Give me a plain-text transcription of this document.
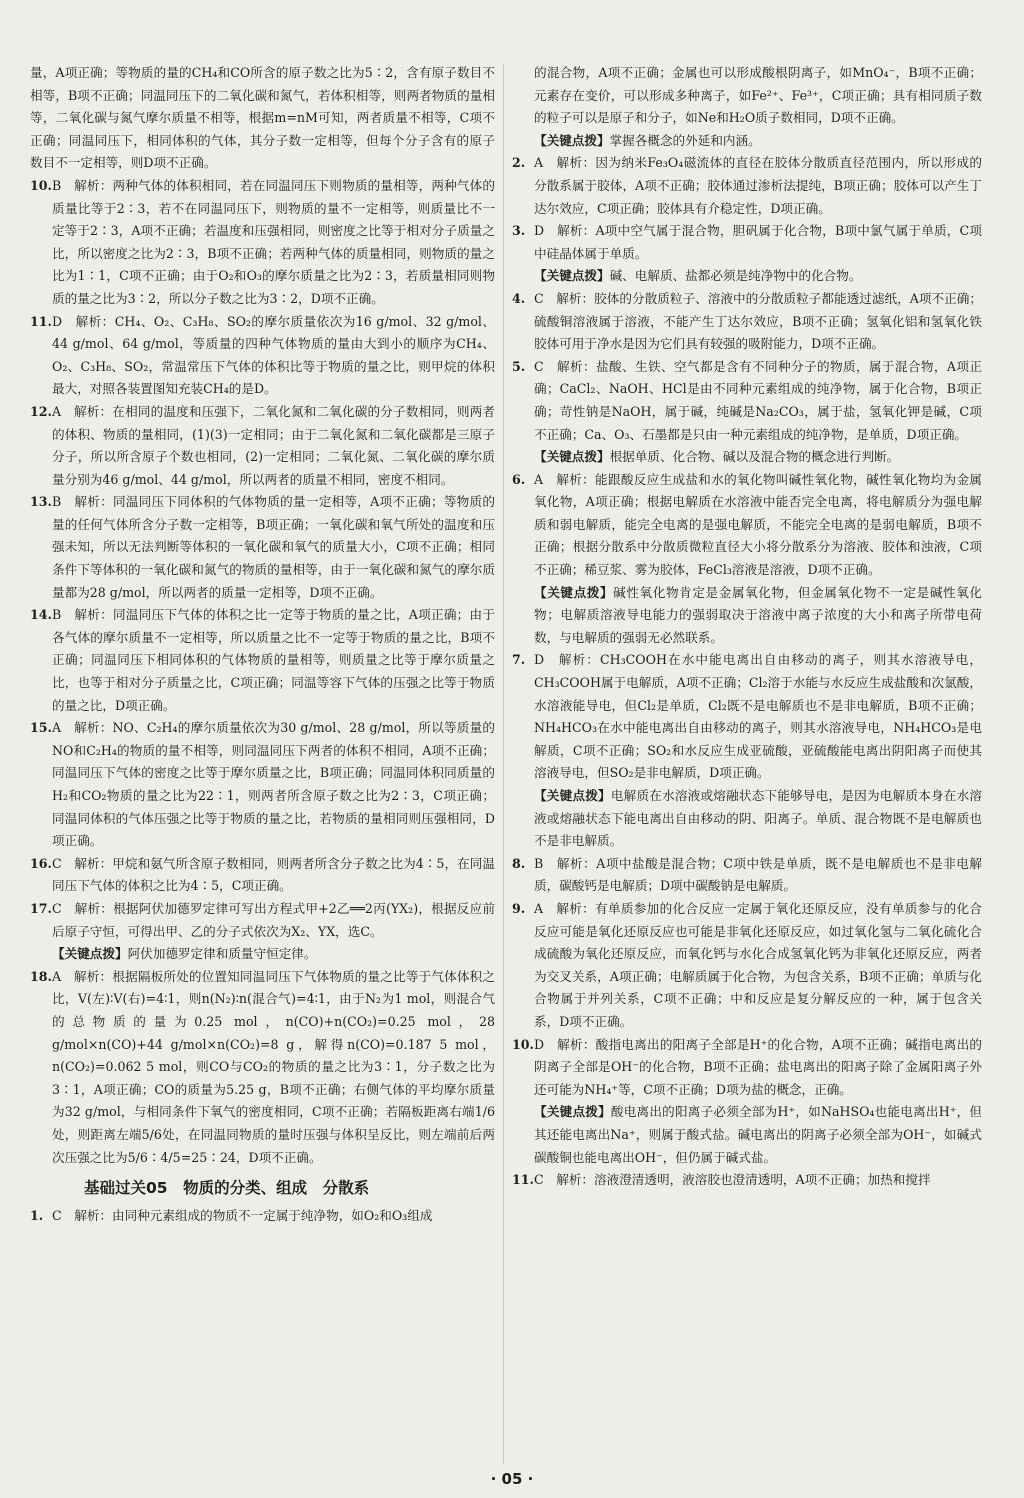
量，A项正确；等物质的量的CH₄和CO所含的原子数之比为5∶2，含有原子数目不相等，B项不正确；同温同压下的二氧化碳和氮气，若体积相等，则两者物质的量相等，二氧化碳与氮气摩尔质量不相等，根据m=nM可知，两者质量不相等，C项不正确；同温同压下，相同体积的气体，其分子数一定相等，但每个分子含有的原子数目不一定相等，则D项不正确。

10. B　解析：两种气体的体积相同，若在同温同压下则物质的量相等，两种气体的质量比等于2∶3，若不在同温同压下，则物质的量不一定相等，则质量比不一定等于2∶3，A项不正确；若温度和压强相同，则密度之比等于相对分子质量之比，所以密度之比为2∶3，B项不正确；若两种气体的质量相同，则物质的量之比为1∶1，C项不正确；由于O₂和O₃的摩尔质量之比为2∶3，若质量相同则物质的量之比为3∶2，所以分子数之比为3∶2，D项不正确。

11. D　解析：CH₄、O₂、C₃H₈、SO₂的摩尔质量依次为16 g/mol、32 g/mol、44 g/mol、64 g/mol，等质量的四种气体物质的量由大到小的顺序为CH₄、O₂、C₃H₈、SO₂，常温常压下气体的体积比等于物质的量之比，则甲烷的体积最大，对照各装置图知充装CH₄的是D。

12. A　解析：在相同的温度和压强下，二氧化氮和二氧化碳的分子数相同，则两者的体积、物质的量相同，(1)(3)一定相同；由于二氧化氮和二氧化碳都是三原子分子，所以所含原子个数也相同，(2)一定相同；二氧化氮、二氧化碳的摩尔质量分别为46 g/mol、44 g/mol，所以两者的质量不相同，密度不相同。

13. B　解析：同温同压下同体积的气体物质的量一定相等，A项不正确；等物质的量的任何气体所含分子数一定相等，B项正确；一氧化碳和氧气所处的温度和压强未知，所以无法判断等体积的一氧化碳和氧气的质量大小，C项不正确；相同条件下等体积的一氧化碳和氮气的物质的量相等，由于一氧化碳和氮气的摩尔质量都为28 g/mol，所以两者的质量一定相等，D项不正确。

14. B　解析：同温同压下气体的体积之比一定等于物质的量之比，A项正确；由于各气体的摩尔质量不一定相等，所以质量之比不一定等于物质的量之比，B项不正确；同温同压下相同体积的气体物质的量相等，则质量之比等于摩尔质量之比，也等于相对分子质量之比，C项正确；同温等容下气体的压强之比等于物质的量之比，D项正确。

15. A　解析：NO、C₂H₄的摩尔质量依次为30 g/mol、28 g/mol，所以等质量的NO和C₂H₄的物质的量不相等，则同温同压下两者的体积不相同，A项不正确；同温同压下气体的密度之比等于摩尔质量之比，B项正确；同温同体积同质量的H₂和CO₂物质的量之比为22∶1，则两者所含原子数之比为2∶3，C项正确；同温同体积的气体压强之比等于物质的量之比，若物质的量相同则压强相同，D项正确。

16. C　解析：甲烷和氨气所含原子数相同，则两者所含分子数之比为4∶5，在同温同压下气体的体积之比为4∶5，C项正确。

17. C　解析：根据阿伏加德罗定律可写出方程式甲+2乙══2丙(YX₂)，根据反应前后原子守恒，可得出甲、乙的分子式依次为X₂、YX，选C。

【关键点拨】阿伏加德罗定律和质量守恒定律。

18. A　解析：根据隔板所处的位置知同温同压下气体物质的量之比等于气体体积之比，V(左)∶V(右)=4∶1，则n(N₂)∶n(混合气)=4∶1，由于N₂为1 mol，则混合气的总物质的量为0.25 mol，n(CO)+n(CO₂)=0.25 mol，28 g/mol×n(CO)+44 g/mol×n(CO₂)=8 g，解得n(CO)=0.187 5 mol，n(CO₂)=0.062 5 mol，则CO与CO₂的物质的量之比为3∶1，分子数之比为3∶1，A项正确；CO的质量为5.25 g，B项不正确；右侧气体的平均摩尔质量为32 g/mol，与相同条件下氧气的密度相同，C项不正确；若隔板距离右端1/6处，则距离左端5/6处，在同温同物质的量时压强与体积呈反比，则左端前后两次压强之比为5/6∶4/5=25∶24，D项不正确。

基础过关05　物质的分类、组成　分散系

1. C　解析：由同种元素组成的物质不一定属于纯净物，如O₂和O₃组成

的混合物，A项不正确；金属也可以形成酸根阴离子，如MnO₄⁻，B项不正确；元素存在变价，可以形成多种离子，如Fe²⁺、Fe³⁺，C项正确；具有相同质子数的粒子可以是原子和分子，如Ne和H₂O质子数相同，D项不正确。

【关键点拨】掌握各概念的外延和内涵。

2. A　解析：因为纳米Fe₃O₄磁流体的直径在胶体分散质直径范围内，所以形成的分散系属于胶体，A项不正确；胶体通过渗析法提纯，B项正确；胶体可以产生丁达尔效应，C项正确；胶体具有介稳定性，D项正确。

3. D　解析：A项中空气属于混合物，胆矾属于化合物，B项中氯气属于单质，C项中硅晶体属于单质。

【关键点拨】碱、电解质、盐都必须是纯净物中的化合物。

4. C　解析：胶体的分散质粒子、溶液中的分散质粒子都能透过滤纸，A项不正确；硫酸铜溶液属于溶液，不能产生丁达尔效应，B项不正确；氢氧化铝和氢氧化铁胶体可用于净水是因为它们具有较强的吸附能力，D项不正确。

5. C　解析：盐酸、生铁、空气都是含有不同种分子的物质，属于混合物，A项正确；CaCl₂、NaOH、HCl是由不同种元素组成的纯净物，属于化合物，B项正确；苛性钠是NaOH，属于碱，纯碱是Na₂CO₃，属于盐，氢氧化钾是碱，C项不正确；Ca、O₃、石墨都是只由一种元素组成的纯净物，是单质，D项正确。

【关键点拨】根据单质、化合物、碱以及混合物的概念进行判断。

6. A　解析：能跟酸反应生成盐和水的氧化物叫碱性氧化物，碱性氧化物均为金属氧化物，A项正确；根据电解质在水溶液中能否完全电离，将电解质分为强电解质和弱电解质，能完全电离的是强电解质，不能完全电离的是弱电解质，B项不正确；根据分散系中分散质微粒直径大小将分散系分为溶液、胶体和浊液，C项不正确；稀豆浆、雾为胶体，FeCl₃溶液是溶液，D项不正确。

【关键点拨】碱性氧化物肯定是金属氧化物，但金属氧化物不一定是碱性氧化物；电解质溶液导电能力的强弱取决于溶液中离子浓度的大小和离子所带电荷数，与电解质的强弱无必然联系。

7. D　解析：CH₃COOH在水中能电离出自由移动的离子，则其水溶液导电，CH₃COOH属于电解质，A项不正确；Cl₂溶于水能与水反应生成盐酸和次氯酸，水溶液能导电，但Cl₂是单质，Cl₂既不是电解质也不是非电解质，B项不正确；NH₄HCO₃在水中能电离出自由移动的离子，则其水溶液导电，NH₄HCO₃是电解质，C项不正确；SO₂和水反应生成亚硫酸，亚硫酸能电离出阴阳离子而使其溶液导电，但SO₂是非电解质，D项正确。

【关键点拨】电解质在水溶液或熔融状态下能够导电，是因为电解质本身在水溶液或熔融状态下能电离出自由移动的阴、阳离子。单质、混合物既不是电解质也不是非电解质。

8. B　解析：A项中盐酸是混合物；C项中铁是单质，既不是电解质也不是非电解质，碳酸钙是电解质；D项中碳酸钠是电解质。

9. A　解析：有单质参加的化合反应一定属于氧化还原反应，没有单质参与的化合反应可能是氧化还原反应也可能是非氧化还原反应，如过氧化氢与二氧化硫化合成硫酸为氧化还原反应，而氧化钙与水化合成氢氧化钙为非氧化还原反应，两者为交叉关系，A项正确；电解质属于化合物，为包含关系，B项不正确；单质与化合物属于并列关系，C项不正确；中和反应是复分解反应的一种，属于包含关系，D项不正确。

10. D　解析：酸指电离出的阳离子全部是H⁺的化合物，A项不正确；碱指电离出的阴离子全部是OH⁻的化合物，B项不正确；盐电离出的阳离子除了金属阳离子外还可能为NH₄⁺等，C项不正确；D项为盐的概念，正确。

【关键点拨】酸电离出的阳离子必须全部为H⁺，如NaHSO₄也能电离出H⁺，但其还能电离出Na⁺，则属于酸式盐。碱电离出的阴离子必须全部为OH⁻，如碱式碳酸铜也能电离出OH⁻，但仍属于碱式盐。

11. C　解析：溶液澄清透明，液溶胶也澄清透明，A项不正确；加热和搅拌

· 05 ·
